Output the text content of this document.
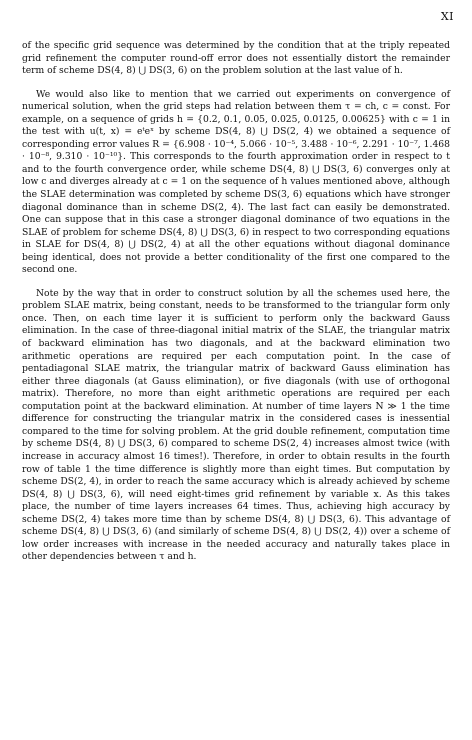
XI

of the specific grid sequence was determined by the condition that at the triply repeated grid refinement the computer round-off error does not essentially distort the remainder term of scheme DS(4, 8) ⋃ DS(3, 6) on the problem solution at the last value of h.

We would also like to mention that we carried out experiments on convergence of numerical solution, when the grid steps had relation between them τ = ch, c = const. For example, on a sequence of grids h = {0.2, 0.1, 0.05, 0.025, 0.0125, 0.00625} with c = 1 in the test with u(t, x) = eᵗeˣ by scheme DS(4, 8) ⋃ DS(2, 4) we obtained a sequence of corresponding error values R = {6.908 · 10⁻⁴, 5.066 · 10⁻⁵, 3.488 · 10⁻⁶, 2.291 · 10⁻⁷, 1.468 · 10⁻⁸, 9.310 · 10⁻¹⁰}. This corresponds to the fourth approximation order in respect to t and to the fourth convergence order, while scheme DS(4, 8) ⋃ DS(3, 6) converges only at low c and diverges already at c = 1 on the sequence of h values mentioned above, although the SLAE determination was completed by scheme DS(3, 6) equations which have stronger diagonal dominance than in scheme DS(2, 4). The last fact can easily be demonstrated. One can suppose that in this case a stronger diagonal dominance of two equations in the SLAE of problem for scheme DS(4, 8) ⋃ DS(3, 6) in respect to two corresponding equations in SLAE for DS(4, 8) ⋃ DS(2, 4) at all the other equations without diagonal dominance being identical, does not provide a better conditionality of the first one compared to the second one.

Note by the way that in order to construct solution by all the schemes used here, the problem SLAE matrix, being constant, needs to be transformed to the triangular form only once. Then, on each time layer it is sufficient to perform only the backward Gauss elimination. In the case of three-diagonal initial matrix of the SLAE, the triangular matrix of backward elimination has two diagonals, and at the backward elimination two arithmetic operations are required per each computation point. In the case of pentadiagonal SLAE matrix, the triangular matrix of backward Gauss elimination has either three diagonals (at Gauss elimination), or five diagonals (with use of orthogonal matrix). Therefore, no more than eight arithmetic operations are required per each computation point at the backward elimination. At number of time layers N ≫ 1 the time difference for constructing the triangular matrix in the considered cases is inessential compared to the time for solving problem. At the grid double refinement, computation time by scheme DS(4, 8) ⋃ DS(3, 6) compared to scheme DS(2, 4) increases almost twice (with increase in accuracy almost 16 times!). Therefore, in order to obtain results in the fourth row of table 1 the time difference is slightly more than eight times. But computation by scheme DS(2, 4), in order to reach the same accuracy which is already achieved by scheme DS(4, 8) ⋃ DS(3, 6), will need eight-times grid refinement by variable x. As this takes place, the number of time layers increases 64 times. Thus, achieving high accuracy by scheme DS(2, 4) takes more time than by scheme DS(4, 8) ⋃ DS(3, 6). This advantage of scheme DS(4, 8) ⋃ DS(3, 6) (and similarly of scheme DS(4, 8) ⋃ DS(2, 4)) over a scheme of low order increases with increase in the needed accuracy and naturally takes place in other dependencies between τ and h.
